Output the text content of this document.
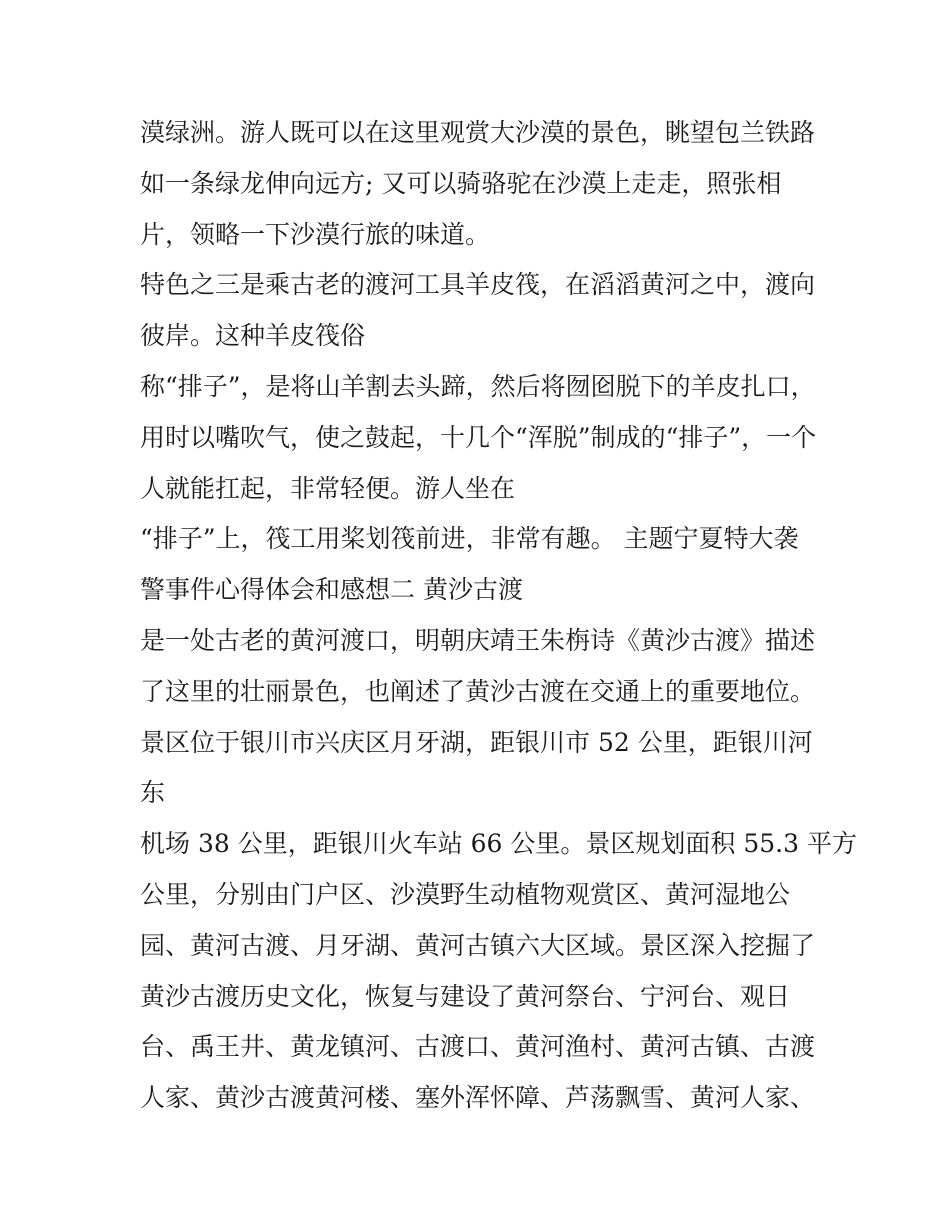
漠绿洲。游人既可以在这里观赏大沙漠的景色，眺望包兰铁路
如一条绿龙伸向远方; 又可以骑骆驼在沙漠上走走，照张相
片，领略一下沙漠行旅的味道。
特色之三是乘古老的渡河工具羊皮筏，在滔滔黄河之中，渡向
彼岸。这种羊皮筏俗
称“排子”，是将山羊割去头蹄，然后将囫囵脱下的羊皮扎口，
用时以嘴吹气，使之鼓起，十几个“浑脱”制成的“排子”，一个
人就能扛起，非常轻便。游人坐在
“排子”上，筏工用桨划筏前进，非常有趣。 主题宁夏特大袭
警事件心得体会和感想二 黄沙古渡
是一处古老的黄河渡口，明朝庆靖王朱栴诗《黄沙古渡》描述
了这里的壮丽景色，也阐述了黄沙古渡在交通上的重要地位。
景区位于银川市兴庆区月牙湖，距银川市 52 公里，距银川河
东
机场 38 公里，距银川火车站 66 公里。景区规划面积 55.3 平方
公里，分别由门户区、沙漠野生动植物观赏区、黄河湿地公
园、黄河古渡、月牙湖、黄河古镇六大区域。景区深入挖掘了
黄沙古渡历史文化，恢复与建设了黄河祭台、宁河台、观日
台、禹王井、黄龙镇河、古渡口、黄河渔村、黄河古镇、古渡
人家、黄沙古渡黄河楼、塞外浑怀障、芦荡飘雪、黄河人家、
